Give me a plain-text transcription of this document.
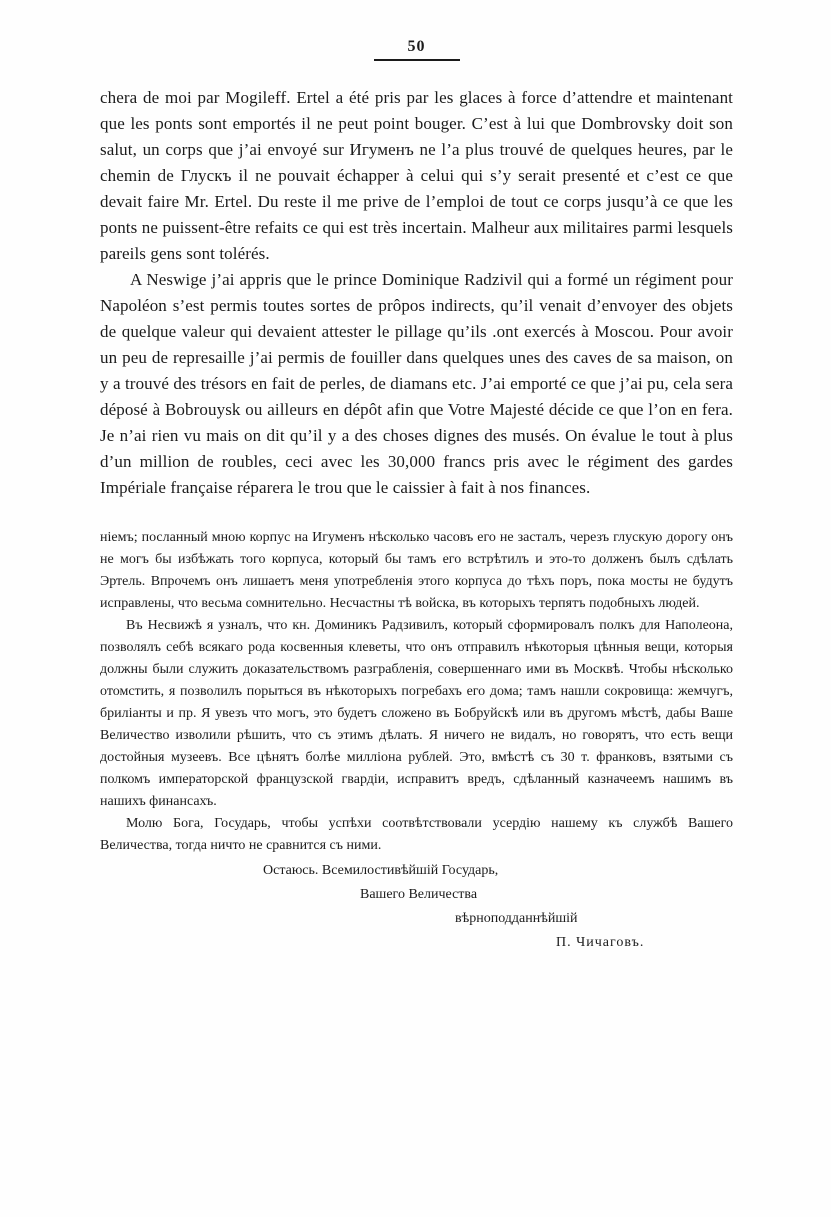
50

chera de moi par Mogileff. Ertel a été pris par les glaces à force d’attendre et maintenant que les ponts sont emportés il ne peut point bouger. C’est à lui que Dombrovsky doit son salut, un corps que j’ai envoyé sur Игуменъ ne l’a plus trouvé de quelques heures, par le chemin de Глускъ il ne pouvait échapper à celui qui s’y serait presenté et c’est ce que devait faire Mr. Ertel. Du reste il me prive de l’emploi de tout ce corps jusqu’à ce que les ponts ne puissent-être refaits ce qui est très incertain. Malheur aux militaires parmi lesquels pareils gens sont tolérés.

A Neswige j’ai appris que le prince Dominique Radzivil qui a formé un régiment pour Napoléon s’est permis toutes sortes de prôpos indirects, qu’il venait d’envoyer des objets de quelque valeur qui devaient attester le pillage qu’ils .ont exercés à Moscou. Pour avoir un peu de represaille j’ai permis de fouiller dans quelques unes des caves de sa maison, on y a trouvé des trésors en fait de perles, de diamans etc. J’ai emporté ce que j’ai pu, cela sera déposé à Bobrouysk ou ailleurs en dépôt afin que Votre Majesté décide ce que l’on en fera. Je n’ai rien vu mais on dit qu’il y a des choses dignes des musés. On évalue le tout à plus d’un million de roubles, ceci avec les 30,000 francs pris avec le régiment des gardes Impériale française réparera le trou que le caissier à fait à nos finances.

ніемъ; посланный мною корпус на Игуменъ нѣсколько часовъ его не засталъ, черезъ глускую дорогу онъ не могъ бы избѣжать того корпуса, который бы тамъ его встрѣтилъ и это-то долженъ былъ сдѣлать Эртель. Впрочемъ онъ лишаетъ меня употребленія этого корпуса до тѣхъ поръ, пока мосты не будутъ исправлены, что весьма сомнительно. Несчастны тѣ войска, въ которыхъ терпятъ подобныхъ людей.

Въ Несвижѣ я узналъ, что кн. Доминикъ Радзивилъ, который сформировалъ полкъ для Наполеона, позволялъ себѣ всякаго рода косвенныя клеветы, что онъ отправилъ нѣкоторыя цѣнныя вещи, которыя должны были служить доказательствомъ разграбленія, совершеннаго ими въ Москвѣ. Чтобы нѣсколько отомстить, я позволилъ порыться въ нѣкоторыхъ погребахъ его дома; тамъ нашли сокровища: жемчугъ, бриліанты и пр. Я увезъ что могъ, это будетъ сложено въ Бобруйскѣ или въ другомъ мѣстѣ, дабы Ваше Величество изволили рѣшить, что съ этимъ дѣлать. Я ничего не видалъ, но говорятъ, что есть вещи достойныя музеевъ. Все цѣнятъ болѣе милліона рублей. Это, вмѣстѣ съ 30 т. франковъ, взятыми съ полкомъ императорской французской гвардіи, исправитъ вредъ, сдѣланный казначеемъ нашимъ въ нашихъ финансахъ.

Молю Бога, Государь, чтобы успѣхи соотвѣтствовали усердію нашему къ службѣ Вашего Величества, тогда ничто не сравнится съ ними.

Остаюсь. Всемилостивѣйшій Государь,
Вашего Величества
вѣрноподданнѣйшій
П. Чичаговъ.
